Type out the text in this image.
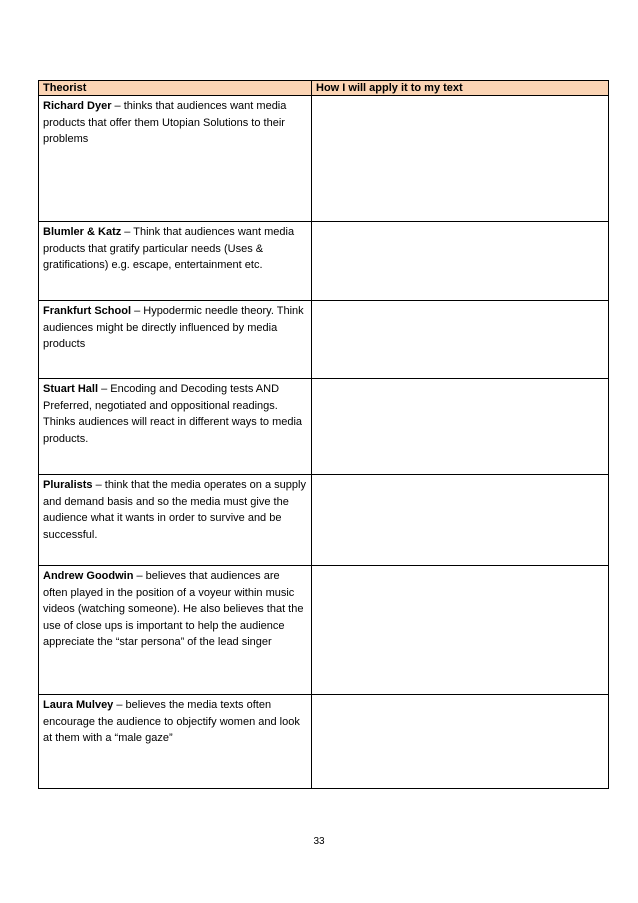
Theorist	How I will apply it to my text
Richard Dyer – thinks that audiences want media products that offer them Utopian Solutions to their problems	
Blumler & Katz – Think that audiences want media products that gratify particular needs (Uses & gratifications) e.g. escape, entertainment etc.	
Frankfurt School – Hypodermic needle theory. Think audiences might be directly influenced by media products	
Stuart Hall – Encoding and Decoding tests AND Preferred, negotiated and oppositional readings. Thinks audiences will react in different ways to media products.	
Pluralists – think that the media operates on a supply and demand basis and so the media must give the audience what it wants in order to survive and be successful.	
Andrew Goodwin – believes that audiences are often played in the position of a voyeur within music videos (watching someone). He also believes that the use of close ups is important to help the audience appreciate the “star persona” of the lead singer	
Laura Mulvey – believes the media texts often encourage the audience to objectify women and look at them with a “male gaze”	
33
